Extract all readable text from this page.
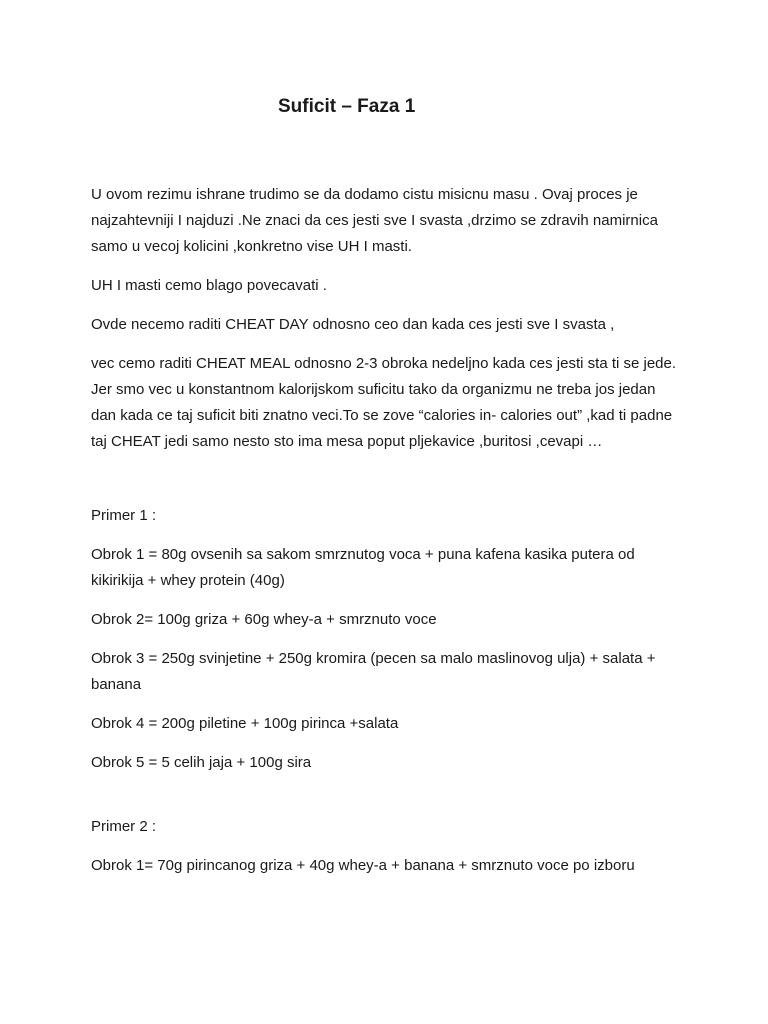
Suficit – Faza 1

U ovom rezimu ishrane trudimo se da dodamo cistu misicnu masu . Ovaj proces je najzahtevniji I najduzi .Ne znaci da ces jesti sve I svasta ,drzimo se zdravih namirnica samo u vecoj kolicini ,konkretno vise UH I masti.

UH I masti cemo blago povecavati .

Ovde necemo raditi CHEAT DAY odnosno ceo dan kada ces jesti sve I svasta ,

vec cemo raditi CHEAT MEAL odnosno 2-3 obroka nedeljno kada ces jesti sta ti se jede. Jer smo vec u konstantnom kalorijskom suficitu tako da organizmu ne treba jos jedan dan kada ce taj suficit biti znatno veci.To se zove “calories in- calories out” ,kad ti padne taj CHEAT jedi samo nesto sto ima mesa poput pljekavice ,buritosi ,cevapi …

Primer 1 :

Obrok 1 = 80g ovsenih sa sakom smrznutog voca + puna kafena kasika putera od kikirikija + whey protein (40g)

Obrok 2= 100g griza + 60g whey-a + smrznuto voce

Obrok 3 = 250g svinjetine + 250g kromira (pecen sa malo maslinovog ulja) + salata + banana

Obrok 4 = 200g piletine + 100g pirinca +salata

Obrok 5 = 5 celih jaja + 100g sira

Primer 2 :

Obrok 1= 70g pirincanog griza + 40g whey-a + banana + smrznuto voce po izboru
